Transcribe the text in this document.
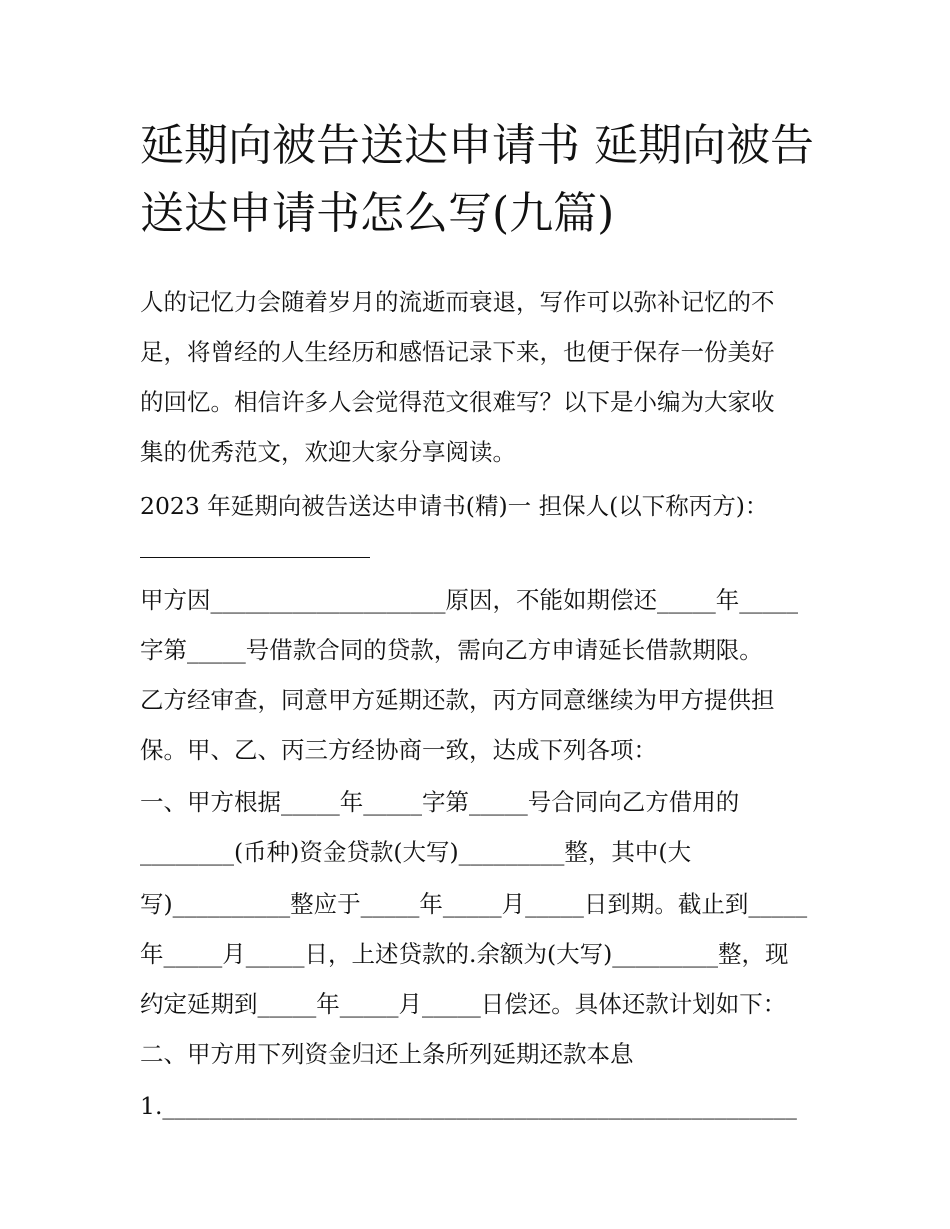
延期向被告送达申请书 延期向被告送达申请书怎么写(九篇)

人的记忆力会随着岁月的流逝而衰退，写作可以弥补记忆的不

足，将曾经的人生经历和感悟记录下来，也便于保存一份美好

的回忆。相信许多人会觉得范文很难写？以下是小编为大家收

集的优秀范文，欢迎大家分享阅读。

2023 年延期向被告送达申请书(精)一 担保人(以下称丙方)：

甲方因____________________原因，不能如期偿还_____年_____

字第_____号借款合同的贷款，需向乙方申请延长借款期限。

乙方经审查，同意甲方延期还款，丙方同意继续为甲方提供担

保。甲、乙、丙三方经协商一致，达成下列各项：

一、甲方根据_____年_____字第_____号合同向乙方借用的

________(币种)资金贷款(大写)_________整，其中(大

写)__________整应于_____年_____月_____日到期。截止到_____

年_____月_____日，上述贷款的.余额为(大写)_________整，现

约定延期到_____年_____月_____日偿还。具体还款计划如下：

二、甲方用下列资金归还上条所列延期还款本息

1.______________________________________________________
